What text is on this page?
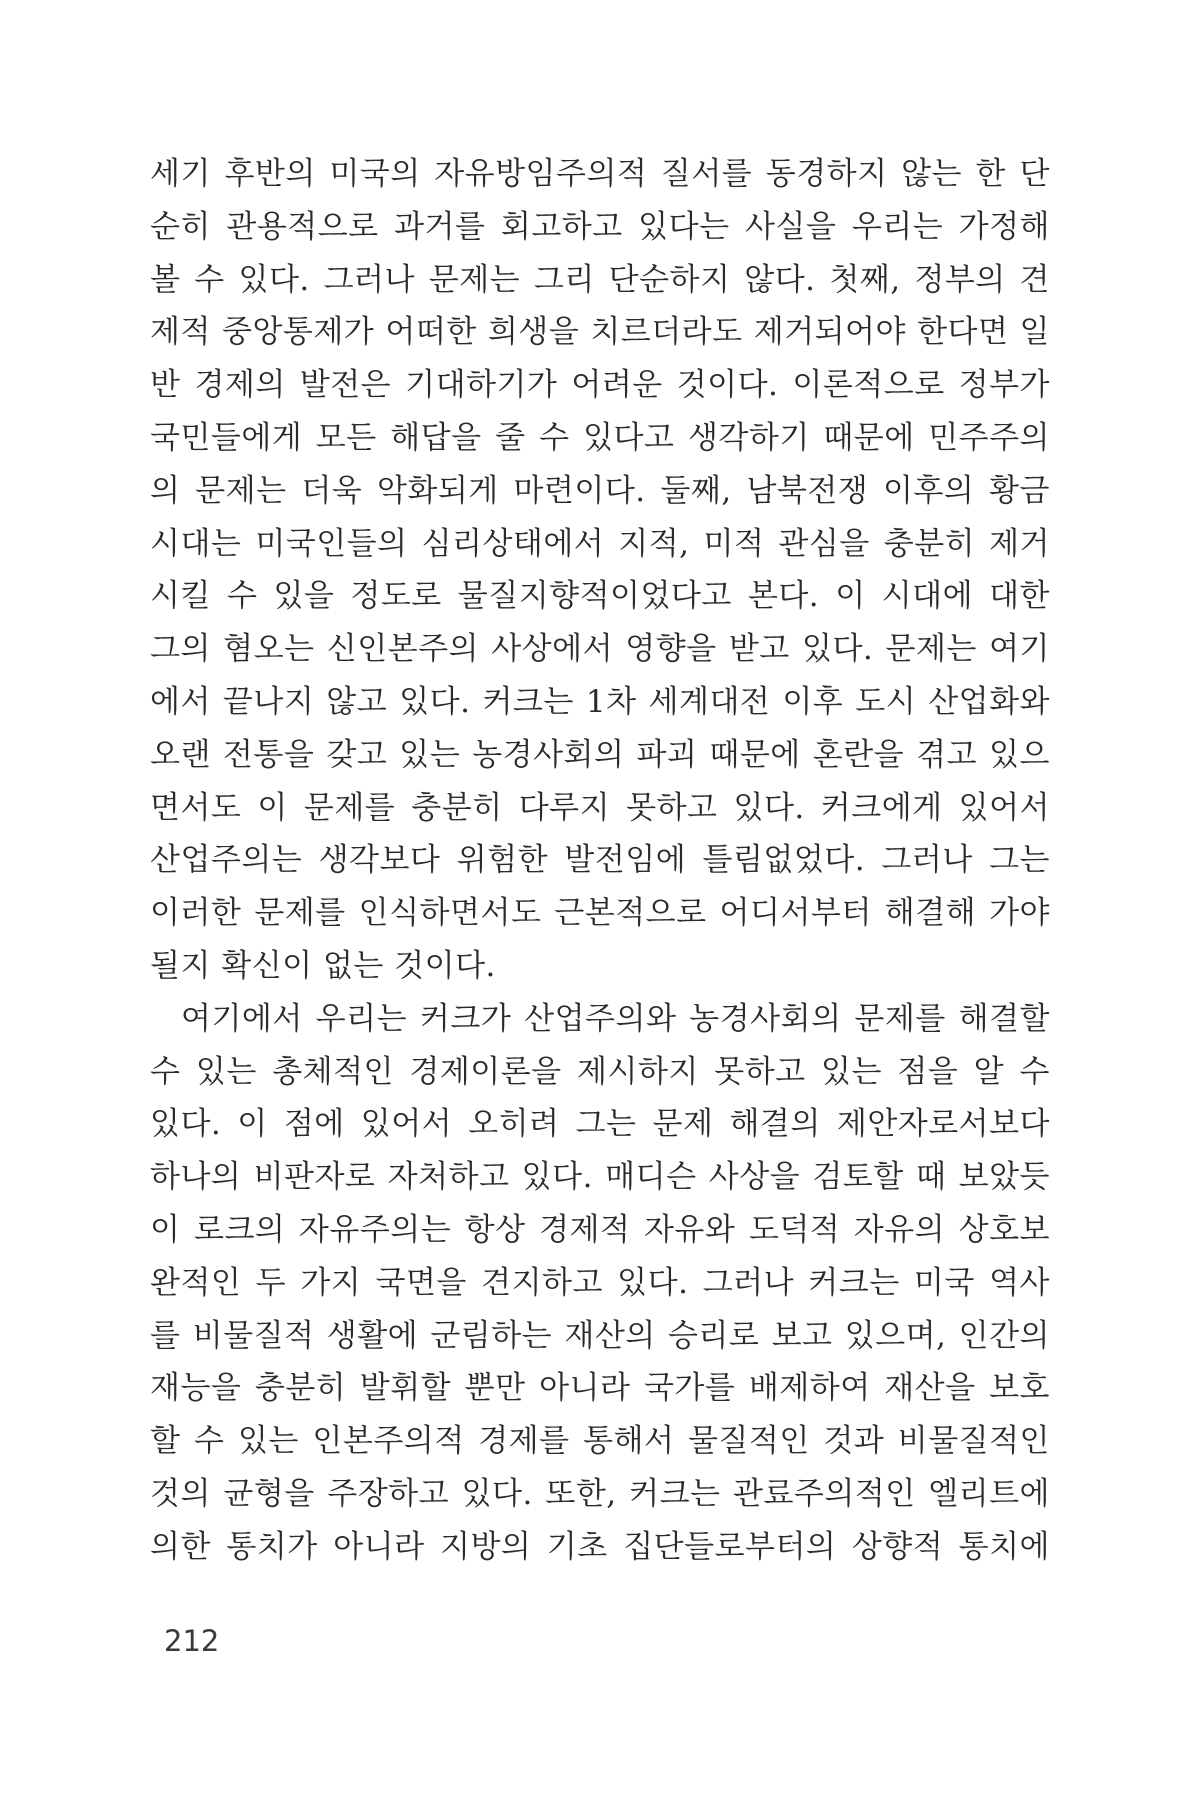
세기 후반의 미국의 자유방임주의적 질서를 동경하지 않는 한 단
순히 관용적으로 과거를 회고하고 있다는 사실을 우리는 가정해
볼 수 있다. 그러나 문제는 그리 단순하지 않다. 첫째, 정부의 견
제적 중앙통제가 어떠한 희생을 치르더라도 제거되어야 한다면 일
반 경제의 발전은 기대하기가 어려운 것이다. 이론적으로 정부가
국민들에게 모든 해답을 줄 수 있다고 생각하기 때문에 민주주의
의 문제는 더욱 악화되게 마련이다. 둘째, 남북전쟁 이후의 황금
시대는 미국인들의 심리상태에서 지적, 미적 관심을 충분히 제거
시킬 수 있을 정도로 물질지향적이었다고 본다. 이 시대에 대한
그의 혐오는 신인본주의 사상에서 영향을 받고 있다. 문제는 여기
에서 끝나지 않고 있다. 커크는 1차 세계대전 이후 도시 산업화와
오랜 전통을 갖고 있는 농경사회의 파괴 때문에 혼란을 겪고 있으
면서도 이 문제를 충분히 다루지 못하고 있다. 커크에게 있어서
산업주의는 생각보다 위험한 발전임에 틀림없었다. 그러나 그는
이러한 문제를 인식하면서도 근본적으로 어디서부터 해결해 가야
될지 확신이 없는 것이다.
여기에서 우리는 커크가 산업주의와 농경사회의 문제를 해결할
수 있는 총체적인 경제이론을 제시하지 못하고 있는 점을 알 수
있다. 이 점에 있어서 오히려 그는 문제 해결의 제안자로서보다
하나의 비판자로 자처하고 있다. 매디슨 사상을 검토할 때 보았듯
이 로크의 자유주의는 항상 경제적 자유와 도덕적 자유의 상호보
완적인 두 가지 국면을 견지하고 있다. 그러나 커크는 미국 역사
를 비물질적 생활에 군림하는 재산의 승리로 보고 있으며, 인간의
재능을 충분히 발휘할 뿐만 아니라 국가를 배제하여 재산을 보호
할 수 있는 인본주의적 경제를 통해서 물질적인 것과 비물질적인
것의 균형을 주장하고 있다. 또한, 커크는 관료주의적인 엘리트에
의한 통치가 아니라 지방의 기초 집단들로부터의 상향적 통치에
212
